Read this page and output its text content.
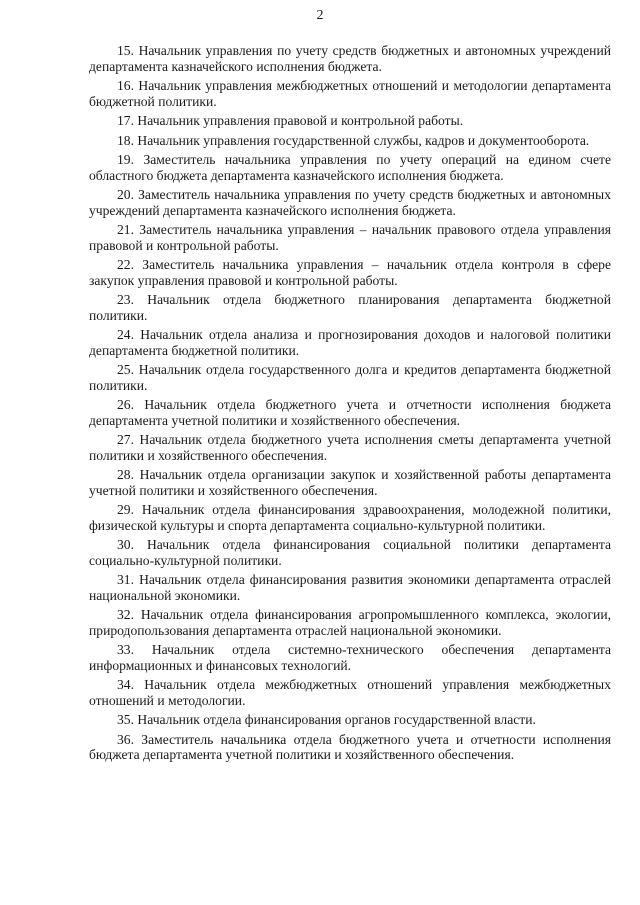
2

15. Начальник управления по учету средств бюджетных и автономных учреждений департамента казначейского исполнения бюджета.

16. Начальник управления межбюджетных отношений и методологии департамента бюджетной политики.

17. Начальник управления правовой и контрольной работы.

18. Начальник управления государственной службы, кадров и документооборота.

19. Заместитель начальника управления по учету операций на едином счете областного бюджета департамента казначейского исполнения бюджета.

20. Заместитель начальника управления по учету средств бюджетных и автономных учреждений департамента казначейского исполнения бюджета.

21. Заместитель начальника управления – начальник правового отдела управления правовой и контрольной работы.

22. Заместитель начальника управления – начальник отдела контроля в сфере закупок управления правовой и контрольной работы.

23. Начальник отдела бюджетного планирования департамента бюджетной политики.

24. Начальник отдела анализа и прогнозирования доходов и налоговой политики департамента бюджетной политики.

25. Начальник отдела государственного долга и кредитов департамента бюджетной политики.

26. Начальник отдела бюджетного учета и отчетности исполнения бюджета департамента учетной политики и хозяйственного обеспечения.

27. Начальник отдела бюджетного учета исполнения сметы департамента учетной политики и хозяйственного обеспечения.

28. Начальник отдела организации закупок и хозяйственной работы департамента учетной политики и хозяйственного обеспечения.

29. Начальник отдела финансирования здравоохранения, молодежной политики, физической культуры и спорта департамента социально-культурной политики.

30. Начальник отдела финансирования социальной политики департамента социально-культурной политики.

31. Начальник отдела финансирования развития экономики департамента отраслей национальной экономики.

32. Начальник отдела финансирования агропромышленного комплекса, экологии, природопользования департамента отраслей национальной экономики.

33. Начальник отдела системно-технического обеспечения департамента информационных и финансовых технологий.

34. Начальник отдела межбюджетных отношений управления межбюджетных отношений и методологии.

35. Начальник отдела финансирования органов государственной власти.

36. Заместитель начальника отдела бюджетного учета и отчетности исполнения бюджета департамента учетной политики и хозяйственного обеспечения.
